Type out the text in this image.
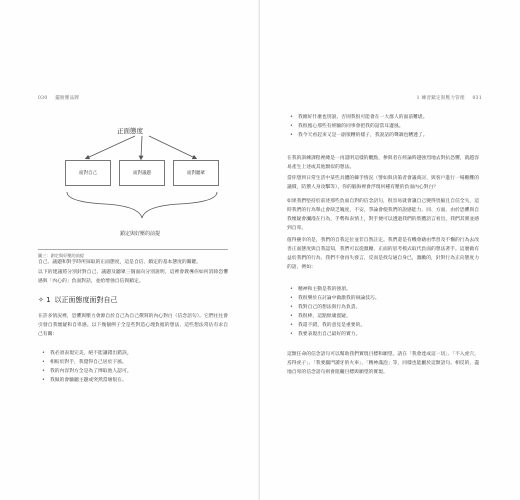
030 擺脫壓品牌
正面態度
面對自己	面對議題	面對聽眾
鎖定與好壓的前提
圖三：鎖定與好壓的前提
自己、議題和對手時所採取的正面態度，這是自信、鎖定的基本態度的關鍵。
以下的建議將分別針對自己、議題及聽眾三個面向分別說明，這裡會教導你如何消除恐懼感與「內心的」負面對話，並給增強自信與鎖定。
✧ 1 以正面態度面對自己
在許多情況裡，恐懼與壓力會源自於自己為自己撰寫的內心對白（信念語句）。它們往往會引發自我懷疑和自卑感。以下幾個例子全是些對造心理負擔的想法，這些想法常佔有求自己有關：
• 我必須表現完美，絕不能讓錯出錯誤。
• 相較於對手，我覺得自己居於下風。
• 我的內容對方全是為了博取他人認可。
• 我做的會驗聽主題或突然當壞很在。
1 練習鎖定與壓力管理 031
• 我總好什麼也別說，否則我很可能會在一大群人的面前難堪。
• 我很擔心那些有經驗的同事會把我的話當耳邊風。
• 我今天看起來又是一副很糟的樣子，我說話的聲調也糟透了。
在我的訓練課程裡總是一再證明這樣的觀點，參與者在經論時越強烈地去對抗恐懼，就越容易產生上述或其他類似的想法。
當你想到日常生活中某些具體的棘手情況（譬如與決策者會議商討，與客戶進行一場艱難的議價，防禦人身攻擊等），你的腦海裡會浮現何種有壓的負面內心對白？
如果我們堅持於前述那些負面自對的信念語句，很容易就會讓自己變得畏縮且自信全失，這時我們的行為舉止會缺乏魄度，不安，爭論會使我們的說感能力、同、方面，由於恐懼與自我懷疑會瀰漫在行為，手勢和表情上，對手便可以透過我們的肢體語言看出，我們其實並感到自卑。
值得慶幸的是，我們的自我定位並非自然註定。我們還是有機會藉由學習及不懈的行為去改善正面態度與自我認知，我們可以從激勵、正面的思考模式取代負面的想法著手。這麼做有益於我們的行為，我們不會再失發言，反而是找勾通自身已，激勵的，針對行為正向態度力的語，例如：
• 精神和主動是我的強項。
• 我很樂於在討論中做激我的辯論技巧。
• 我對自己的想法與行為負責。
• 我很棒，這點無庸置疑。
• 我還不錯，我的意見是重要的。
• 我要表現出自己最好的實力。
這類任命的信念語句可以幫助我們實現目標和願望。請在「我會達成這一切」、「不入虎穴，焉得虎子」、「我要贏門讀牙的火車」、「精神滿泡」等，同樣也能屬於這類語句。相反的，盡地自卑的信念語句則會阻礙目標與願望的實現。
